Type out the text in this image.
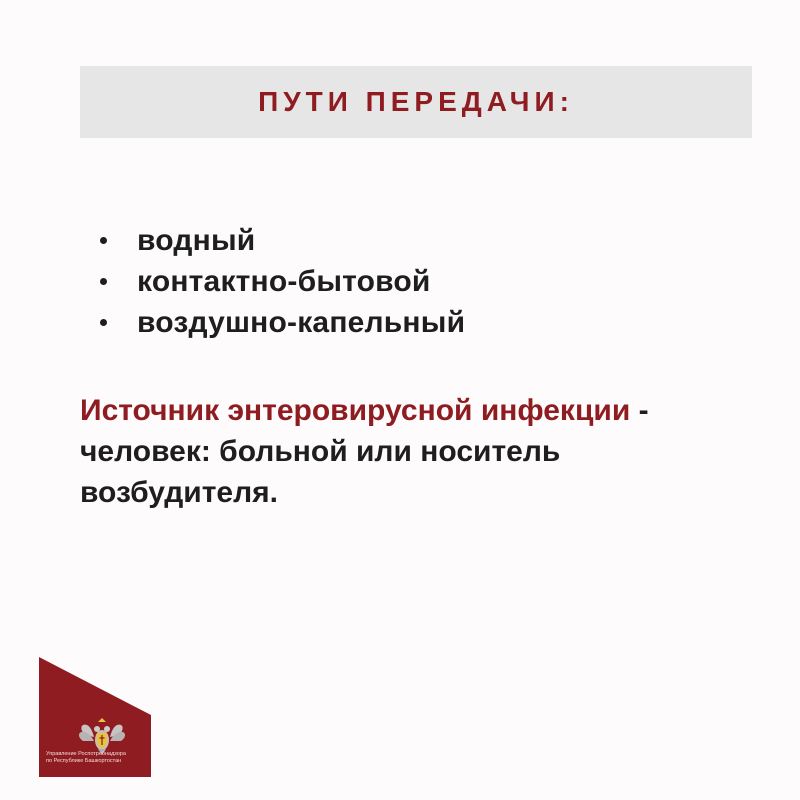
ПУТИ ПЕРЕДАЧИ:
водный
контактно-бытовой
воздушно-капельный

Источник энтеровирусной инфекции - человек: больной или носитель возбудителя.

Управление Роспотребнадзора
по Республике Башкортостан
